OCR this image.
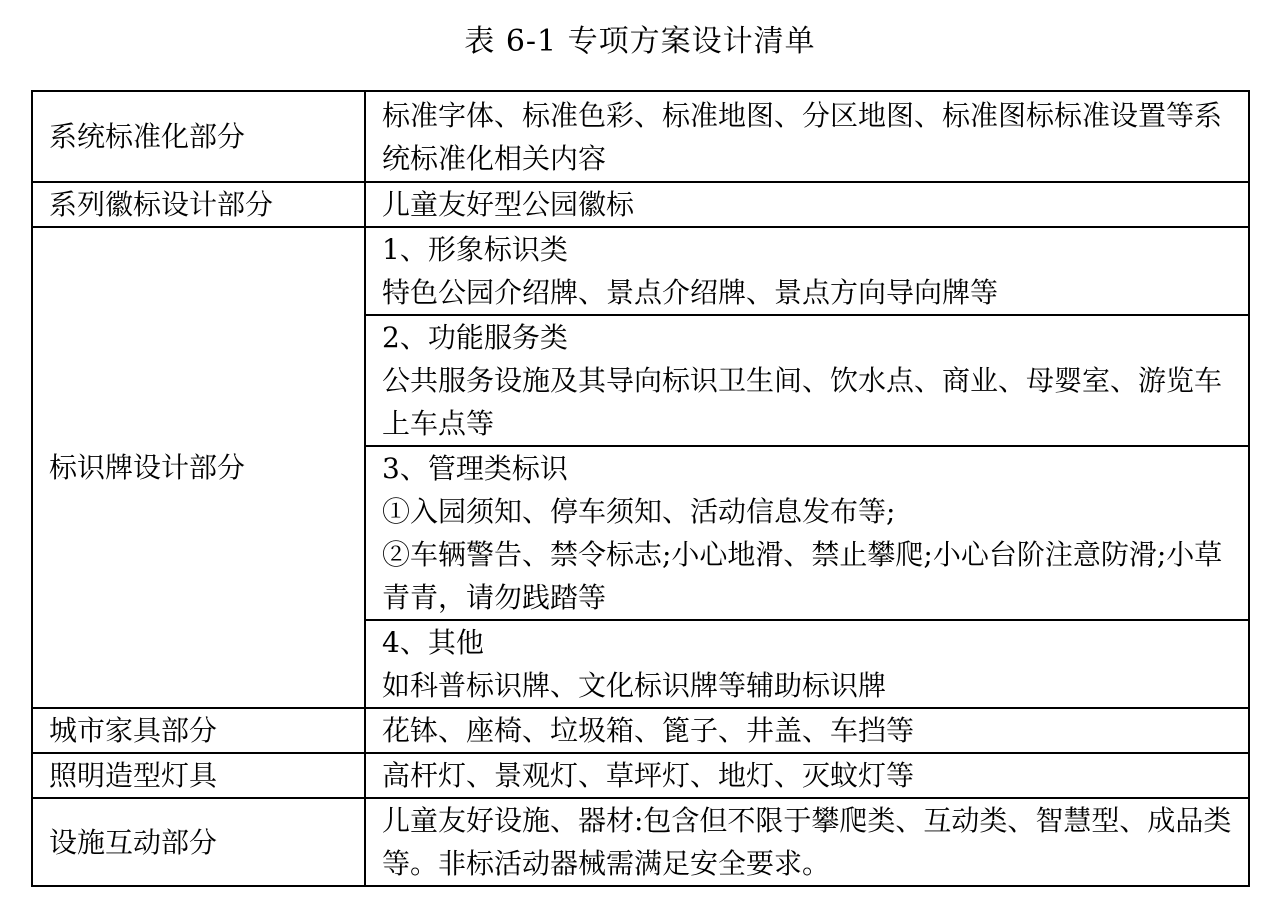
表 6-1 专项方案设计清单
系统标准化部分	标准字体、标准色彩、标准地图、分区地图、标准图标标准设置等系统标准化相关内容
系列徽标设计部分	儿童友好型公园徽标
标识牌设计部分	1、形象标识类
特色公园介绍牌、景点介绍牌、景点方向导向牌等

	2、功能服务类
公共服务设施及其导向标识卫生间、饮水点、商业、母婴室、游览车上车点等

	3、管理类标识
①入园须知、停车须知、活动信息发布等;
②车辆警告、禁令标志;小心地滑、禁止攀爬;小心台阶注意防滑;小草青青，请勿践踏等

	4、其他
如科普标识牌、文化标识牌等辅助标识牌

城市家具部分	花钵、座椅、垃圾箱、篦子、井盖、车挡等
照明造型灯具	高杆灯、景观灯、草坪灯、地灯、灭蚊灯等
设施互动部分	儿童友好设施、器材:包含但不限于攀爬类、互动类、智慧型、成品类等。非标活动器械需满足安全要求。
